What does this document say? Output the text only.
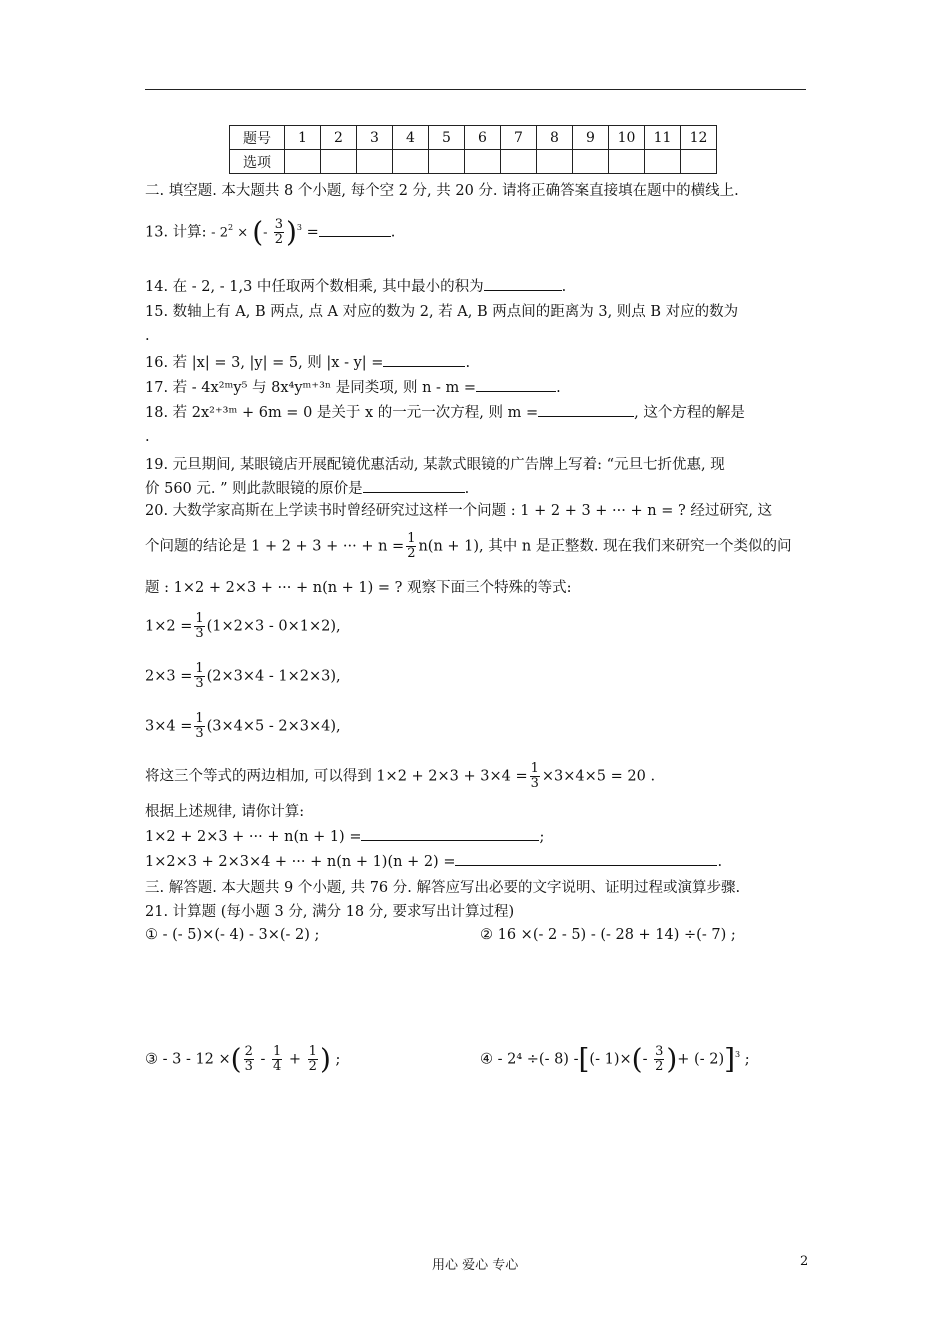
题号	1	2	3	4	5	6	7	8	9	10	11	12
选项												
二. 填空题. 本大题共 8 个小题, 每个空 2 分, 共 20 分. 请将正确答案直接填在题中的横线上.
13. 计算: - $2^2$ × (- $\frac{3}{2} )^3$ =	.
14. 在 - 2, - 1,3 中任取两个数相乘, 其中最小的积为	.
15. 数轴上有 A, B 两点, 点 A 对应的数为 2, 若 A, B 两点间的距离为 3, 则点 B 对应的数为
.
16. 若 |x| = 3, |y| = 5, 则 |x - y| =	.
17. 若 - 4x²ᵐy⁵ 与 8x⁴yᵐ⁺³ⁿ 是同类项, 则 n - m =	.
18. 若 2x²⁺³ᵐ + 6m = 0 是关于 x 的一元一次方程, 则 m =	, 这个方程的解是
.
19. 元旦期间, 某眼镜店开展配镜优惠活动, 某款式眼镜的广告牌上写着: “元旦七折优惠, 现
价 560 元. ” 则此款眼镜的原价是	.
20. 大数学家高斯在上学读书时曾经研究过这样一个问题 : 1 + 2 + 3 + ··· + n = ? 经过研究, 这
个问题的结论是 1 + 2 + 3 + ··· + $n = \frac{1}{2} n(n + 1)$, 其中 n 是正整数. 现在我们来研究一个类似的问
题 : 1×2 + 2×3 + ··· + n(n + 1) = ? 观察下面三个特殊的等式:
$1\times 2 = \frac{1}{3} (1\times 2\times 3 - 0\times 1\times 2)$,
$2\times 3 = \frac{1}{3} (2\times 3\times 4 - 1\times 2\times 3)$,
$3\times 4 = \frac{1}{3} (3\times 4\times 5 - 2\times 3\times 4)$,
将这三个等式的两边相加, 可以得到 $1\times 2 + 2\times 3 + 3\times 4 = \frac{1}{3} \times 3\times 4\times 5 = 20$ .
根据上述规律, 请你计算:
1×2 + 2×3 + ··· + n(n + 1) =	;
1×2×3 + 2×3×4 + ··· + n(n + 1)(n + 2) =	.
三. 解答题. 本大题共 9 个小题, 共 76 分. 解答应写出必要的文字说明、证明过程或演算步骤.
21. 计算题 (每小题 3 分, 满分 18 分, 要求写出计算过程)
① - (- 5)×(- 4) - 3×(- 2) ;	② 16 ×(- 2 - 5) - (- 28 + 14) ÷(- 7) ;
③ - 3 - 12 ×( $\frac{2}{3} - \frac{1}{4} + \frac{1}{2}$ ) ;	④ - 2⁴ ÷(- 8) -[(- $1)\times(- \frac{3}{2}$ )+ (- 2)]$^3$ ;
用心 爱心 专心	2
